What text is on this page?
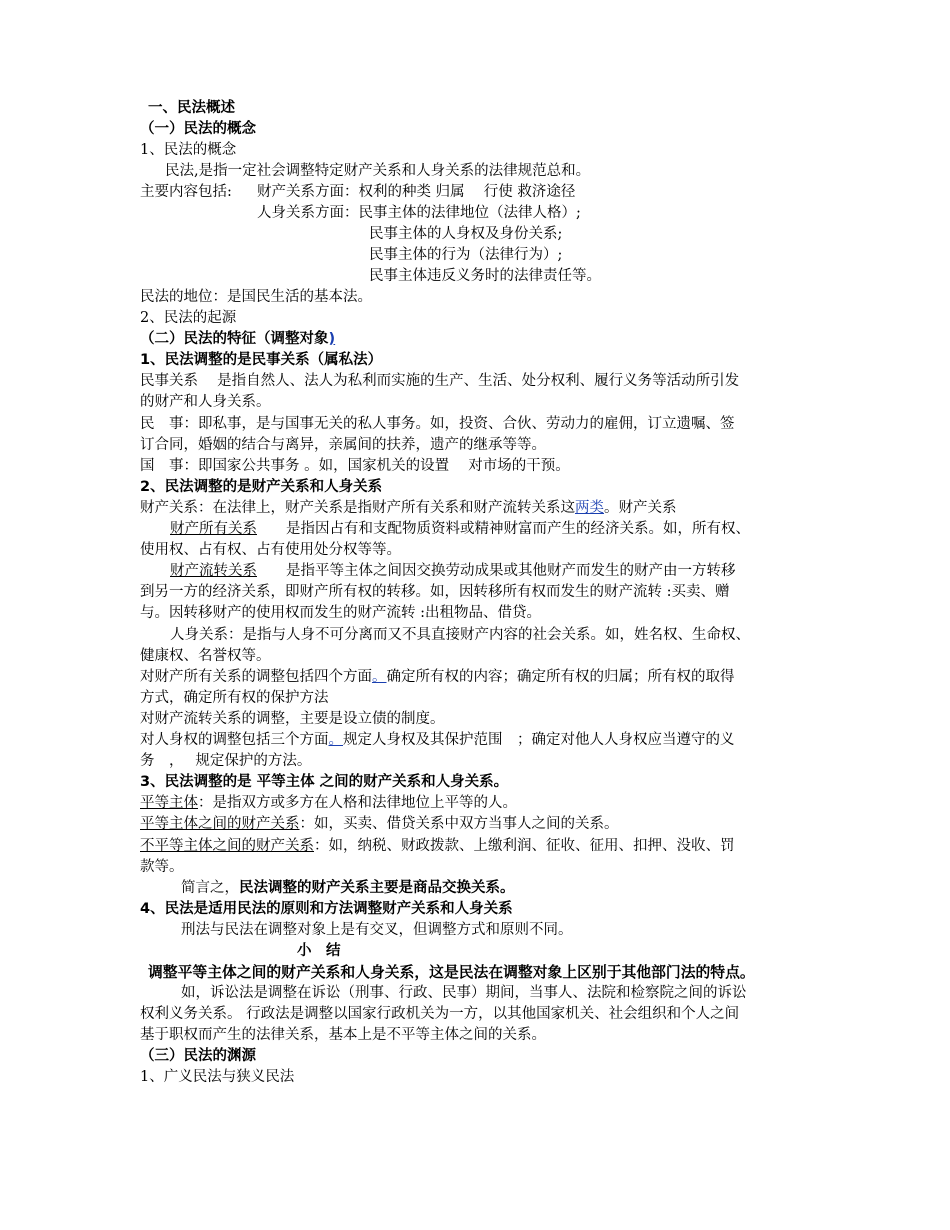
一、民法概述
（一）民法的概念
1、民法的概念
民法,是指一定社会调整特定财产关系和人身关系的法律规范总和。
主要内容包括: 财产关系方面：权利的种类 归属　 行使 救济途径
人身关系方面：民事主体的法律地位（法律人格）;
民事主体的人身权及身份关系;
民事主体的行为（法律行为）;
民事主体违反义务时的法律责任等。
民法的地位：是国民生活的基本法。
2、民法的起源
（二）民法的特征（调整对象)
1、民法调整的是民事关系（属私法）
民事关系　 是指自然人、法人为私利而实施的生产、生活、处分权利、履行义务等活动所引发
的财产和人身关系。
民　事：即私事，是与国事无关的私人事务。如，投资、合伙、劳动力的雇佣，订立遗嘱、签
订合同，婚姻的结合与离异，亲属间的扶养，遗产的继承等等。
国　事：即国家公共事务 。如，国家机关的设置　 对市场的干预。
2、民法调整的是财产关系和人身关系
财产关系：在法律上，财产关系是指财产所有关系和财产流转关系这两类。财产关系
财产所有关系　　是指因占有和支配物质资料或精神财富而产生的经济关系。如，所有权、
使用权、占有权、占有使用处分权等等。
财产流转关系　　是指平等主体之间因交换劳动成果或其他财产而发生的财产由一方转移
到另一方的经济关系，即财产所有权的转移。如，因转移所有权而发生的财产流转 :买卖、赠
与。因转移财产的使用权而发生的财产流转 :出租物品、借贷。
人身关系：是指与人身不可分离而又不具直接财产内容的社会关系。如，姓名权、生命权、
健康权、名誉权等。
对财产所有关系的调整包括四个方面。确定所有权的内容；确定所有权的归属；所有权的取得
方式，确定所有权的保护方法
对财产流转关系的调整，主要是设立债的制度。
对人身权的调整包括三个方面。规定人身权及其保护范围　；确定对他人人身权应当遵守的义
务　，　 规定保护的方法。
3、民法调整的是 平等主体 之间的财产关系和人身关系。
平等主体：是指双方或多方在人格和法律地位上平等的人。
平等主体之间的财产关系：如，买卖、借贷关系中双方当事人之间的关系。
不平等主体之间的财产关系：如，纳税、财政拨款、上缴利润、征收、征用、扣押、没收、罚
款等。
简言之，民法调整的财产关系主要是商品交换关系。
4、民法是适用民法的原则和方法调整财产关系和人身关系
刑法与民法在调整对象上是有交叉，但调整方式和原则不同。
小　结
调整平等主体之间的财产关系和人身关系，这是民法在调整对象上区别于其他部门法的特点。
如，诉讼法是调整在诉讼（刑事、行政、民事）期间，当事人、法院和检察院之间的诉讼
权利义务关系。 行政法是调整以国家行政机关为一方，以其他国家机关、社会组织和个人之间
基于职权而产生的法律关系，基本上是不平等主体之间的关系。
（三）民法的渊源
1、广义民法与狭义民法
